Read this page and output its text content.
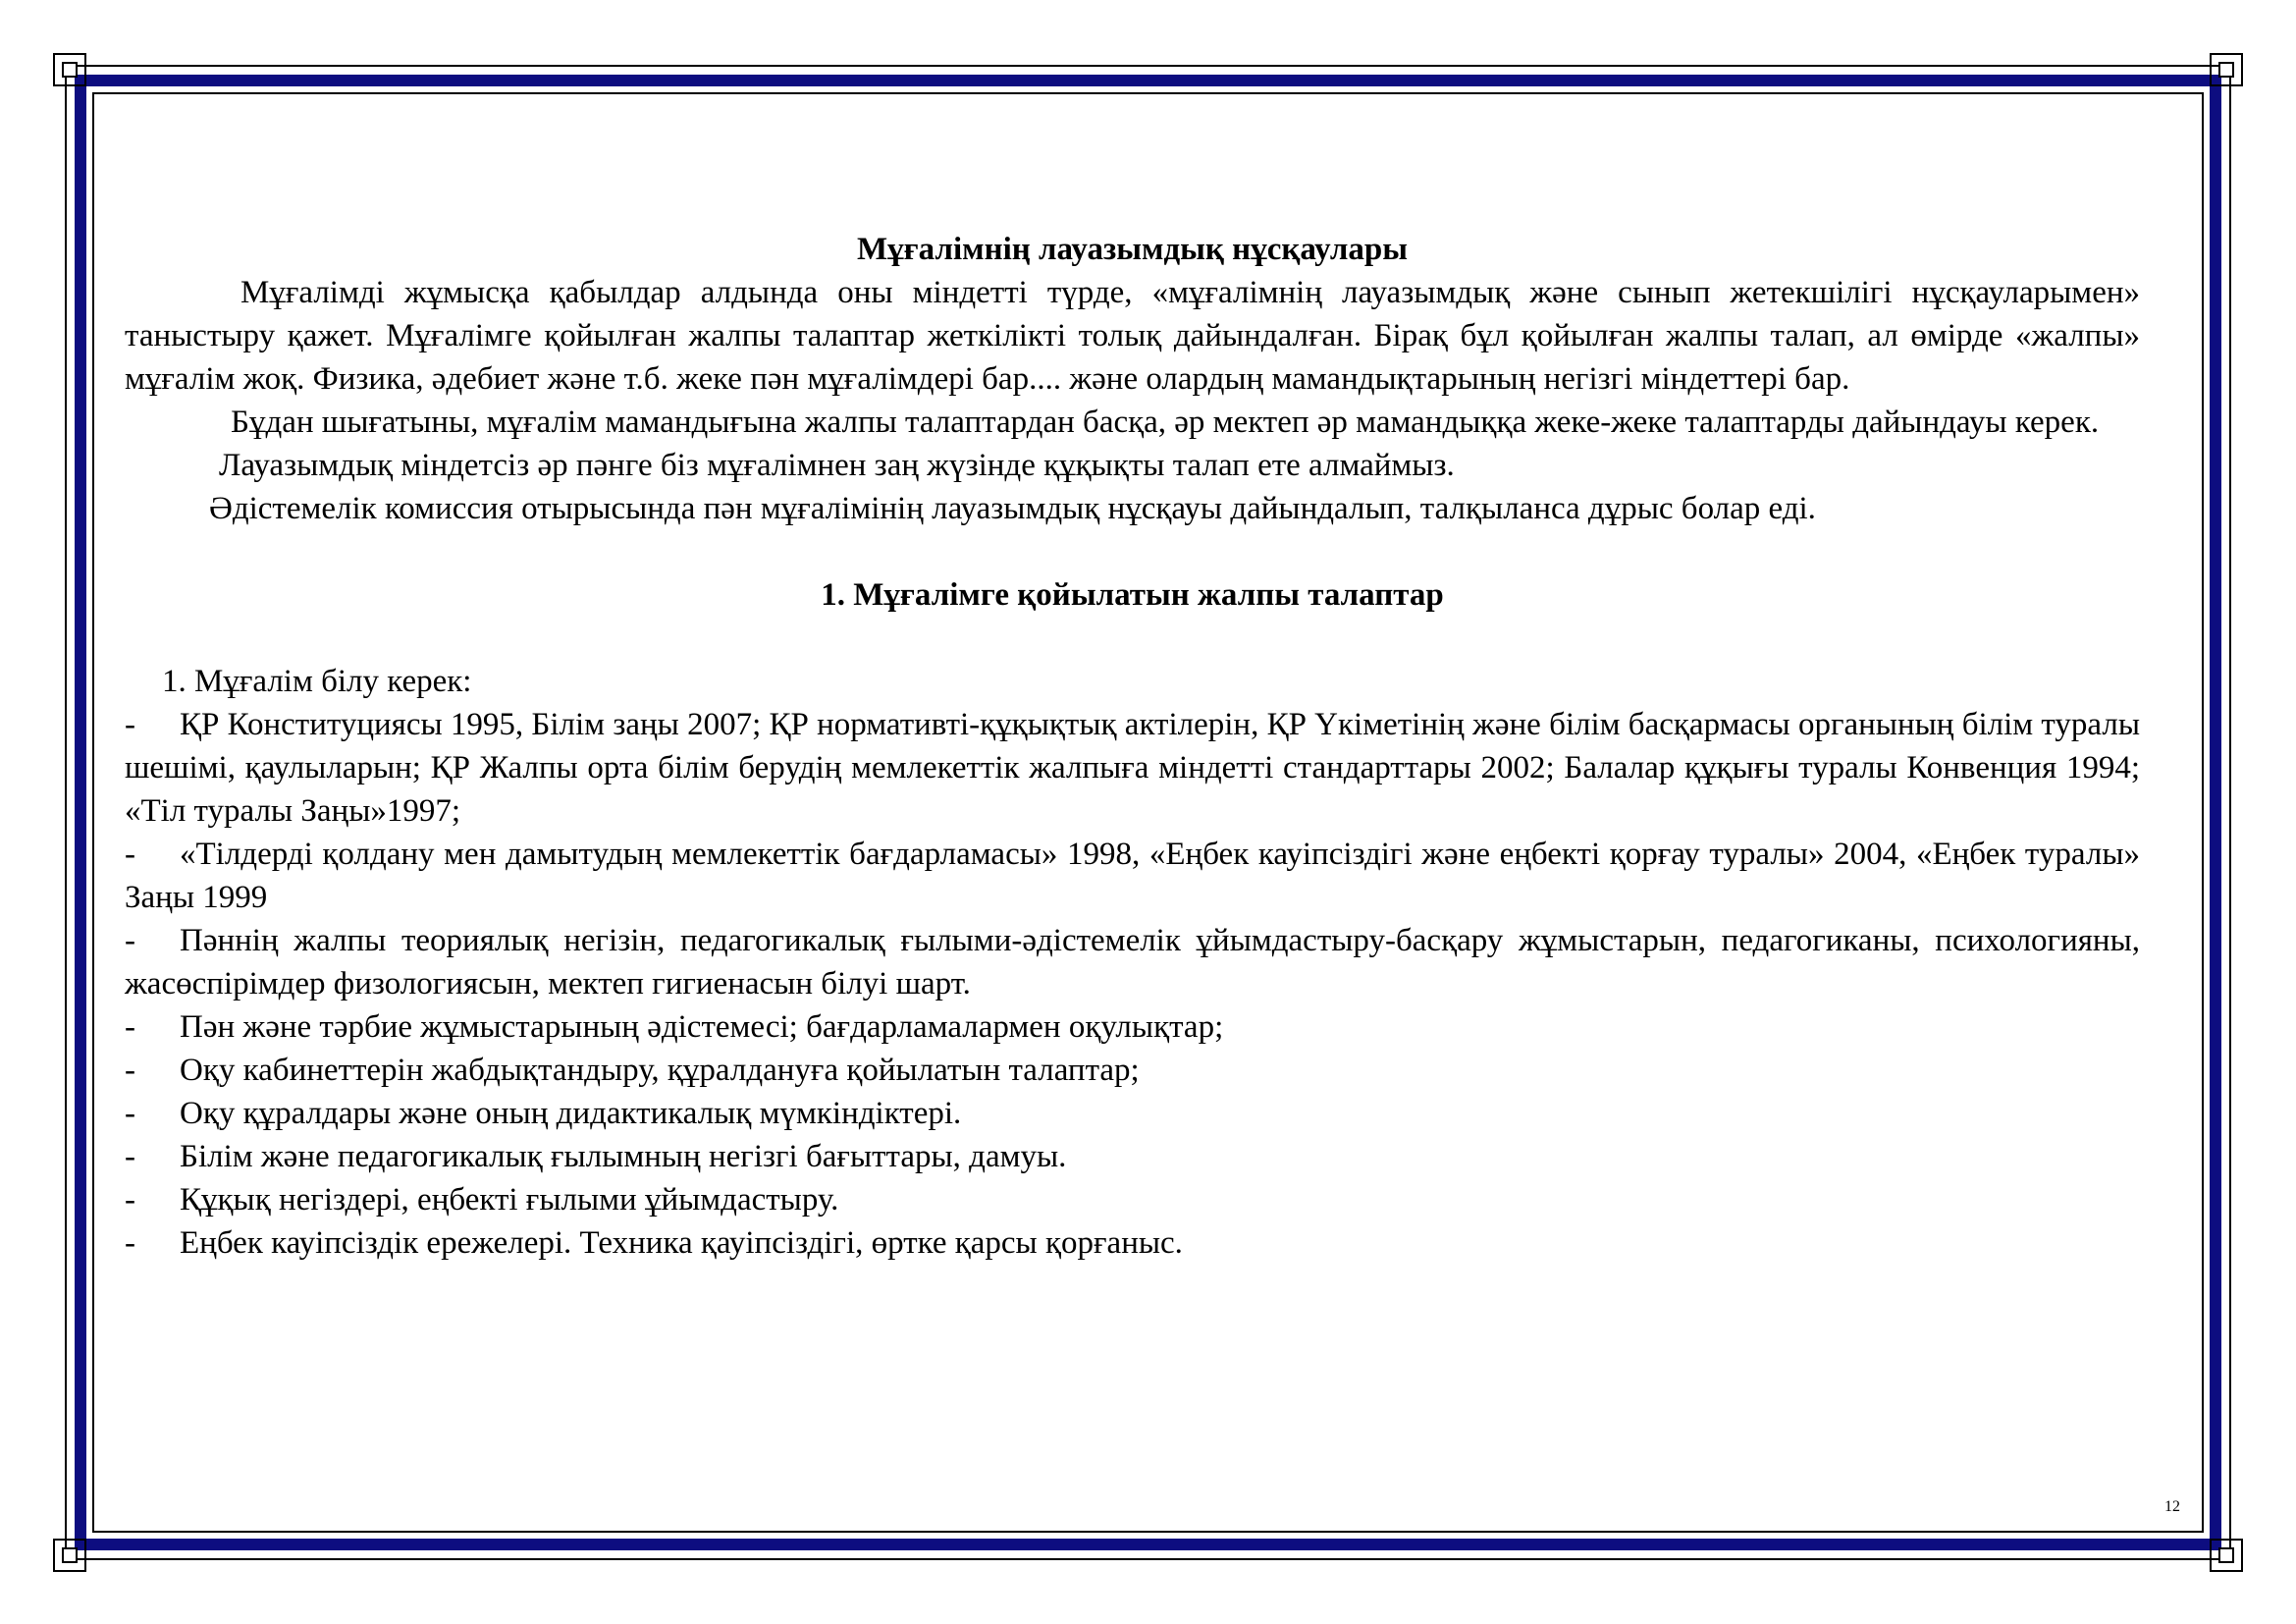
Мұғалімнің лауазымдық нұсқаулары

Мұғалімді жұмысқа қабылдар алдында оны міндетті түрде, «мұғалімнің лауазымдық және сынып жетекшілігі нұсқауларымен» таныстыру қажет. Мұғалімге қойылған жалпы талаптар жеткілікті толық дайындалған. Бірақ бұл қойылған жалпы талап, ал өмірде «жалпы» мұғалім жоқ. Физика, әдебиет және т.б. жеке пән мұғалімдері бар.... және олардың мамандықтарының негізгі міндеттері бар.

Бұдан шығатыны, мұғалім мамандығына жалпы талаптардан басқа, әр мектеп әр мамандыққа жеке-жеке талаптарды дайындауы керек.

Лауазымдық міндетсіз әр пәнге біз мұғалімнен заң жүзінде құқықты талап ете алмаймыз.

Әдістемелік комиссия отырысында пән мұғалімінің лауазымдық нұсқауы дайындалып, талқыланса дұрыс болар еді.

1. Мұғалімге қойылатын жалпы талаптар

1. Мұғалім білу керек:

- ҚР Конституциясы 1995, Білім заңы 2007; ҚР нормативті-құқықтық актілерін, ҚР Үкіметінің және білім басқармасы органының білім туралы шешімі, қаулыларын; ҚР Жалпы орта білім берудің мемлекеттік жалпыға міндетті стандарттары 2002; Балалар құқығы туралы Конвенция 1994; «Тіл туралы Заңы»1997;

- «Тілдерді қолдану мен дамытудың мемлекеттік бағдарламасы» 1998, «Еңбек кауіпсіздігі және еңбекті қорғау туралы» 2004, «Еңбек туралы» Заңы 1999

- Пәннің жалпы теориялық негізін, педагогикалық ғылыми-әдістемелік ұйымдастыру-басқару жұмыстарын, педагогиканы, психологияны, жасөспірімдер физологиясын, мектеп гигиенасын білуі шарт.

- Пән және тәрбие жұмыстарының әдістемесі; бағдарламалармен оқулықтар;

- Оқу кабинеттерін жабдықтандыру, құралдануға қойылатын талаптар;

- Оқу құралдары және оның дидактикалық мүмкіндіктері.

- Білім және педагогикалық ғылымның негізгі бағыттары, дамуы.

- Құқық негіздері, еңбекті ғылыми ұйымдастыру.

- Еңбек кауіпсіздік ережелері. Техника қауіпсіздігі, өртке қарсы қорғаныс.

12
